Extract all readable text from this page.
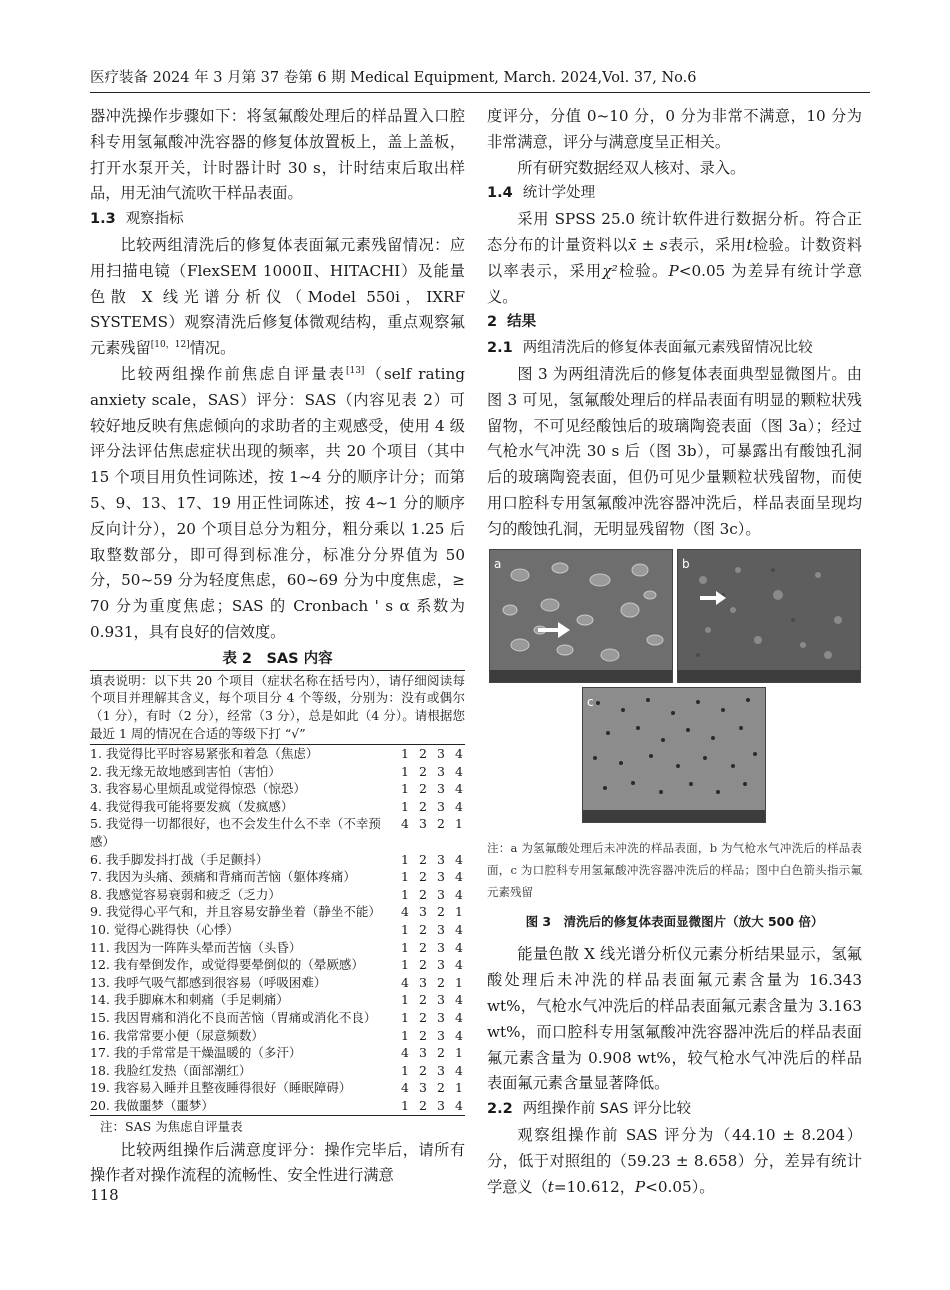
医疗装备 2024 年 3 月第 37 卷第 6 期 Medical Equipment, March. 2024,Vol. 37, No.6

器冲洗操作步骤如下：将氢氟酸处理后的样品置入口腔科专用氢氟酸冲洗容器的修复体放置板上，盖上盖板，打开水泵开关，计时器计时 30 s，计时结束后取出样品，用无油气流吹干样品表面。

1.3 观察指标

比较两组清洗后的修复体表面氟元素残留情况：应用扫描电镜（FlexSEM 1000Ⅱ、HITACHI）及能量色散 X 线光谱分析仪（Model 550i，IXRF SYSTEMS）观察清洗后修复体微观结构，重点观察氟元素残留[10，12]情况。

比较两组操作前焦虑自评量表[13]（self rating anxiety scale，SAS）评分：SAS（内容见表 2）可较好地反映有焦虑倾向的求助者的主观感受，使用 4 级评分法评估焦虑症状出现的频率，共 20 个项目（其中 15 个项目用负性词陈述，按 1~4 分的顺序计分；而第 5、9、13、17、19 用正性词陈述，按 4~1 分的顺序反向计分），20 个项目总分为粗分，粗分乘以 1.25 后取整数部分，即可得到标准分，标准分分界值为 50 分，50~59 分为轻度焦虑，60~69 分为中度焦虑，≥ 70 分为重度焦虑；SAS 的 Cronbach ' s α 系数为 0.931，具有良好的信效度。

表 2　SAS 内容
填表说明：以下共 20 个项目（症状名称在括号内），请仔细阅读每个项目并理解其含义，每个项目分 4 个等级，分别为：没有或偶尔（1 分），有时（2 分），经常（3 分），总是如此（4 分）。请根据您最近 1 周的情况在合适的等级下打 “√”
1. 我觉得比平时容易紧张和着急（焦虑）	1 2 3 4
2. 我无缘无故地感到害怕（害怕）	1 2 3 4
3. 我容易心里烦乱或觉得惊恐（惊恐）	1 2 3 4
4. 我觉得我可能将要发疯（发疯感）	1 2 3 4
5. 我觉得一切都很好，也不会发生什么不幸（不幸预感）
4 3 2 1
6. 我手脚发抖打战（手足颤抖）	1 2 3 4
7. 我因为头痛、颈痛和背痛而苦恼（躯体疼痛）	1 2 3 4
8. 我感觉容易衰弱和疲乏（乏力）	1 2 3 4
9. 我觉得心平气和，并且容易安静坐着（静坐不能）	4 3 2 1
10. 觉得心跳得快（心悸）	1 2 3 4
11. 我因为一阵阵头晕而苦恼（头昏）	1 2 3 4
12. 我有晕倒发作，或觉得要晕倒似的（晕厥感）	1 2 3 4
13. 我呼气吸气都感到很容易（呼吸困难）	4 3 2 1
14. 我手脚麻木和刺痛（手足刺痛）	1 2 3 4
15. 我因胃痛和消化不良而苦恼（胃痛或消化不良）	1 2 3 4
16. 我常常要小便（尿意频数）	1 2 3 4
17. 我的手常常是干燥温暖的（多汗）	4 3 2 1
18. 我脸红发热（面部潮红）	1 2 3 4
19. 我容易入睡并且整夜睡得很好（睡眠障碍）	4 3 2 1
20. 我做噩梦（噩梦）	1 2 3 4
注：SAS 为焦虑自评量表

比较两组操作后满意度评分：操作完毕后，请所有操作者对操作流程的流畅性、安全性进行满意

度评分，分值 0~10 分，0 分为非常不满意，10 分为非常满意，评分与满意度呈正相关。

所有研究数据经双人核对、录入。

1.4 统计学处理

采用 SPSS 25.0 统计软件进行数据分析。符合正态分布的计量资料以x̄ ± s表示，采用t检验。计数资料以率表示，采用χ²检验。P<0.05 为差异有统计学意义。

2 结果
2.1 两组清洗后的修复体表面氟元素残留情况比较

图 3 为两组清洗后的修复体表面典型显微图片。由图 3 可见，氢氟酸处理后的样品表面有明显的颗粒状残留物，不可见经酸蚀后的玻璃陶瓷表面（图 3a）；经过气枪水气冲洗 30 s 后（图 3b），可暴露出有酸蚀孔洞后的玻璃陶瓷表面，但仍可见少量颗粒状残留物，而使用口腔科专用氢氟酸冲洗容器冲洗后，样品表面呈现均匀的酸蚀孔洞，无明显残留物（图 3c）。

a	b
c
注：a 为氢氟酸处理后未冲洗的样品表面，b 为气枪水气冲洗后的样品表面，c 为口腔科专用氢氟酸冲洗容器冲洗后的样品；图中白色箭头指示氟元素残留
图 3　清洗后的修复体表面显微图片（放大 500 倍）

能量色散 X 线光谱分析仪元素分析结果显示，氢氟酸处理后未冲洗的样品表面氟元素含量为 16.343 wt%，气枪水气冲洗后的样品表面氟元素含量为 3.163 wt%，而口腔科专用氢氟酸冲洗容器冲洗后的样品表面氟元素含量为 0.908 wt%，较气枪水气冲洗后的样品表面氟元素含量显著降低。

2.2 两组操作前 SAS 评分比较

观察组操作前 SAS 评分为（44.10 ± 8.204）分，低于对照组的（59.23 ± 8.658）分，差异有统计学意义（t=10.612，P<0.05）。

118
